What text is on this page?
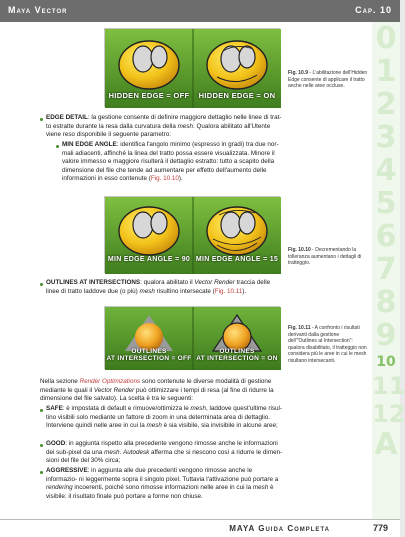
Maya Vector	Cap. 10
0
1
2
3
4
5
6
7
8
9
10
11
12
A
HIDDEN EDGE = OFF	HIDDEN EDGE = ON
Fig. 10.9 - L'abilitazione dell'Hidden Edge consente di applicare il tratto anche nelle aree occluse.
EDGE DETAIL: la gestione consente di definire maggiore dettaglio nelle linee di trat- to estratte durante la resa dalla curvatura della mesh. Qualora abilitato all'Utente viene reso disponibile il seguente parametro:
MIN EDGE ANGLE: identifica l'angolo minimo (espresso in gradi) tra due nor- mali adiacenti, affinché la linea del tratto possa essere visualizzata. Minore il valore immesso e maggiore risulterà il dettaglio estratto: tutto a scapito della dimensione del file che tende ad aumentare per effetto dell'aumento delle informazioni in esso contenute (Fig. 10.10).
MIN EDGE ANGLE = 90 MIN EDGE ANGLE = 15
Fig. 10.10 - Decrementando la tolleranza aumentano i dettagli di tratteggio.
OUTLINES AT INTERSECTIONS: qualora abilitato il Vector Render traccia delle linee di tratto laddove due (o più) mesh risultino intersecate (Fig. 10.11).
OUTLINES
AT INTERSECTION = OFF
OUTLINES
AT INTERSECTION = ON
Fig. 10.11 - A confronto i risultati derivanti dalla gestione dell'"Outlines at Intersection": qualora disabilitato, il tratteggio non considera più le aree in cui le mesh risultano intersecanti.
Nella sezione Render Optimizations sono contenute le diverse modalità di gestione mediante le quali il Vector Render può ottimizzare i tempi di resa (al fine di ridurre la dimensione del file salvato). La scelta è tra le seguenti:
SAFE: è impostata di default e rimuove/ottimizza le mesh, laddove quest'ultime risul- tino visibili solo mediante un fattore di zoom in una determinata area di dettaglio. Interviene quindi nelle aree in cui la mesh è sia visibile, sia invisibile in alcune aree;
GOOD: in aggiunta rispetto alla precedente vengono rimosse anche le informazioni dei sub-pixel da una mesh. Autodesk afferma che si riescono così a ridurre le dimen- sioni del file del 30% circa;
AGGRESSIVE: in aggiunta alle due precedenti vengono rimosse anche le informazio- ni leggermente sopra il singolo pixel. Tuttavia l'attivazione può portare a rendering incoerenti, poiché sono rimosse informazioni nelle aree in cui la mesh è visibile: il risultato finale può portare a forme non chiuse.
MAYA Guida Completa	779
